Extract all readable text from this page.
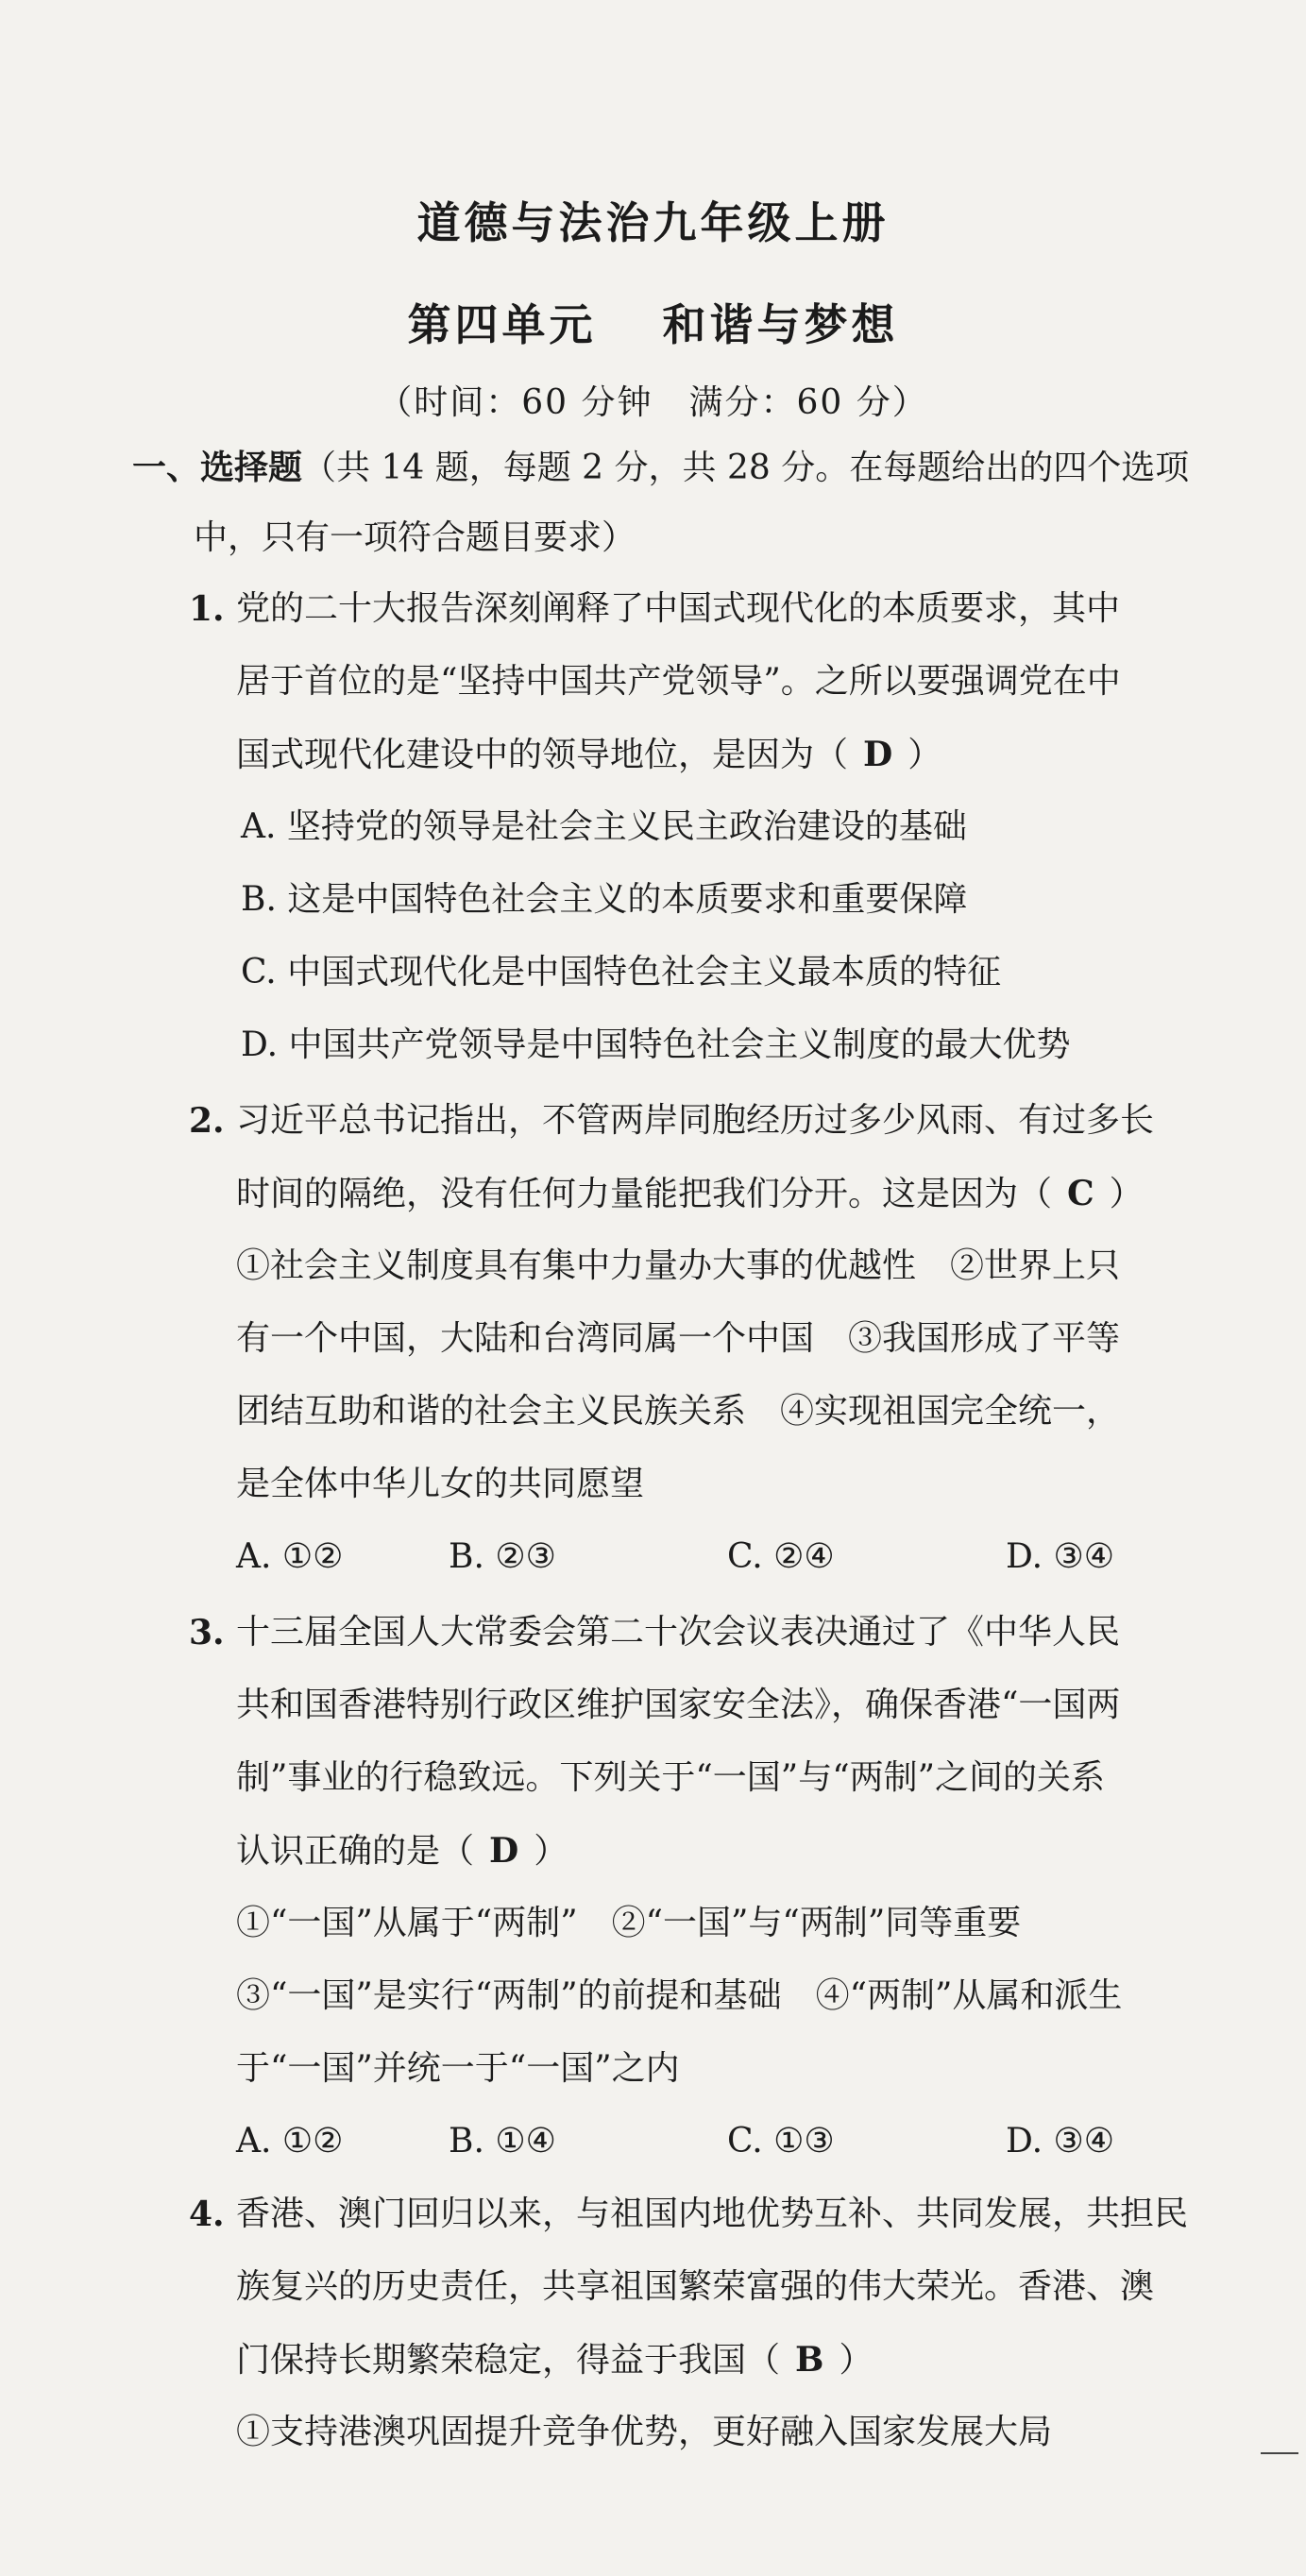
道德与法治九年级上册
第四单元　 和谐与梦想
（时间：60 分钟　满分：60 分）
一、选择题（共 14 题，每题 2 分，共 28 分。在每题给出的四个选项
中，只有一项符合题目要求）
1. 党的二十大报告深刻阐释了中国式现代化的本质要求，其中
居于首位的是“坚持中国共产党领导”。之所以要强调党在中
国式现代化建设中的领导地位，是因为（ D ）
A. 坚持党的领导是社会主义民主政治建设的基础
B. 这是中国特色社会主义的本质要求和重要保障
C. 中国式现代化是中国特色社会主义最本质的特征
D. 中国共产党领导是中国特色社会主义制度的最大优势
2. 习近平总书记指出，不管两岸同胞经历过多少风雨、有过多长
时间的隔绝，没有任何力量能把我们分开。这是因为（ C ）
①社会主义制度具有集中力量办大事的优越性　②世界上只
有一个中国，大陆和台湾同属一个中国　③我国形成了平等
团结互助和谐的社会主义民族关系　④实现祖国完全统一，
是全体中华儿女的共同愿望
A. ①②	B. ②③	C. ②④	D. ③④
3. 十三届全国人大常委会第二十次会议表决通过了《中华人民
共和国香港特别行政区维护国家安全法》，确保香港“一国两
制”事业的行稳致远。下列关于“一国”与“两制”之间的关系
认识正确的是（ D ）
①“一国”从属于“两制”　②“一国”与“两制”同等重要
③“一国”是实行“两制”的前提和基础　④“两制”从属和派生
于“一国”并统一于“一国”之内
A. ①②	B. ①④	C. ①③	D. ③④
4. 香港、澳门回归以来，与祖国内地优势互补、共同发展，共担民
族复兴的历史责任，共享祖国繁荣富强的伟大荣光。香港、澳
门保持长期繁荣稳定，得益于我国（ B ）
①支持港澳巩固提升竞争优势，更好融入国家发展大局
